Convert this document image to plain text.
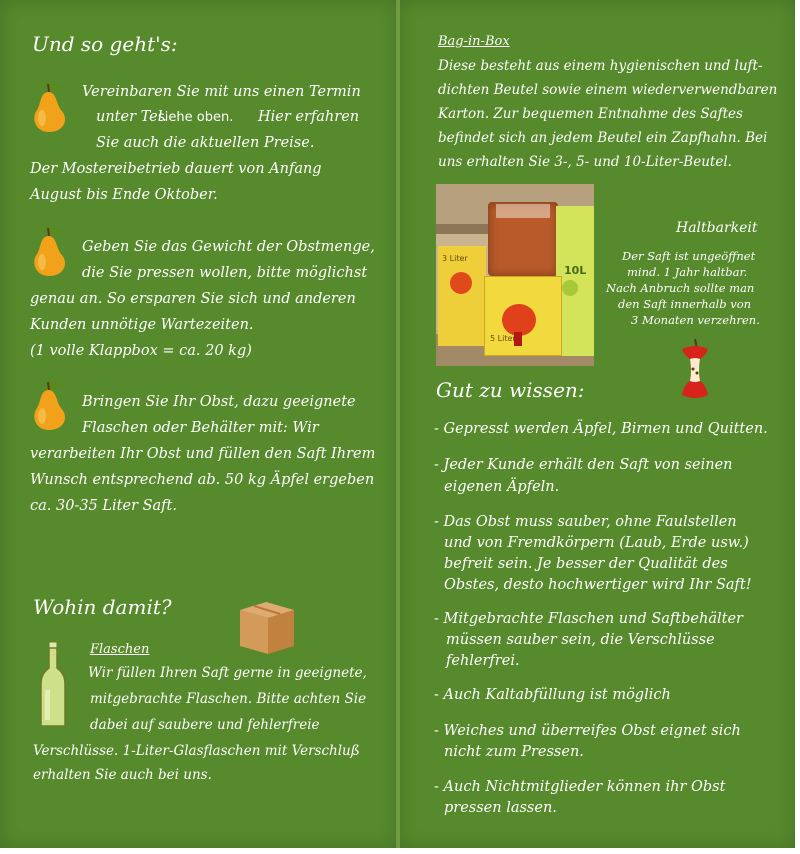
Und so geht's:
Vereinbaren Sie mit uns einen Termin
unter Tel.
siehe oben. Hier erfahren
Sie auch die aktuellen Preise.
Der Mostereibetrieb dauert von Anfang
August bis Ende Oktober.
Geben Sie das Gewicht der Obstmenge,
die Sie pressen wollen, bitte möglichst
genau an. So ersparen Sie sich und anderen
Kunden unnötige Wartezeiten.
(1 volle Klappbox = ca. 20 kg)
Bringen Sie Ihr Obst, dazu geeignete
Flaschen oder Behälter mit: Wir
verarbeiten Ihr Obst und füllen den Saft Ihrem
Wunsch entsprechend ab. 50 kg Äpfel ergeben
ca. 30-35 Liter Saft.
Wohin damit?
Flaschen
Wir füllen Ihren Saft gerne in geeignete,
mitgebrachte Flaschen. Bitte achten Sie
dabei auf saubere und fehlerfreie
Verschlüsse. 1-Liter-Glasflaschen mit Verschluß
erhalten Sie auch bei uns.
Bag-in-Box
Diese besteht aus einem hygienischen und luft-
dichten Beutel sowie einem wiederverwendbaren
Karton. Zur bequemen Entnahme des Saftes
befindet sich an jedem Beutel ein Zapfhahn. Bei
uns erhalten Sie 3-, 5- und 10-Liter-Beutel.
10L
3 Liter
5 Liter
Haltbarkeit
Der Saft ist ungeöffnet
mind. 1 Jahr haltbar.
Nach Anbruch sollte man
den Saft innerhalb von
3 Monaten verzehren.
Gut zu wissen:
- Gepresst werden Äpfel, Birnen und Quitten.
- Jeder Kunde erhält den Saft von seinen
eigenen Äpfeln.
- Das Obst muss sauber, ohne Faulstellen
und von Fremdkörpern (Laub, Erde usw.)
befreit sein. Je besser der Qualität des
Obstes, desto hochwertiger wird Ihr Saft!
- Mitgebrachte Flaschen und Saftbehälter
müssen sauber sein, die Verschlüsse
fehlerfrei.
- Auch Kaltabfüllung ist möglich
- Weiches und überreifes Obst eignet sich
nicht zum Pressen.
- Auch Nichtmitglieder können ihr Obst
pressen lassen.
